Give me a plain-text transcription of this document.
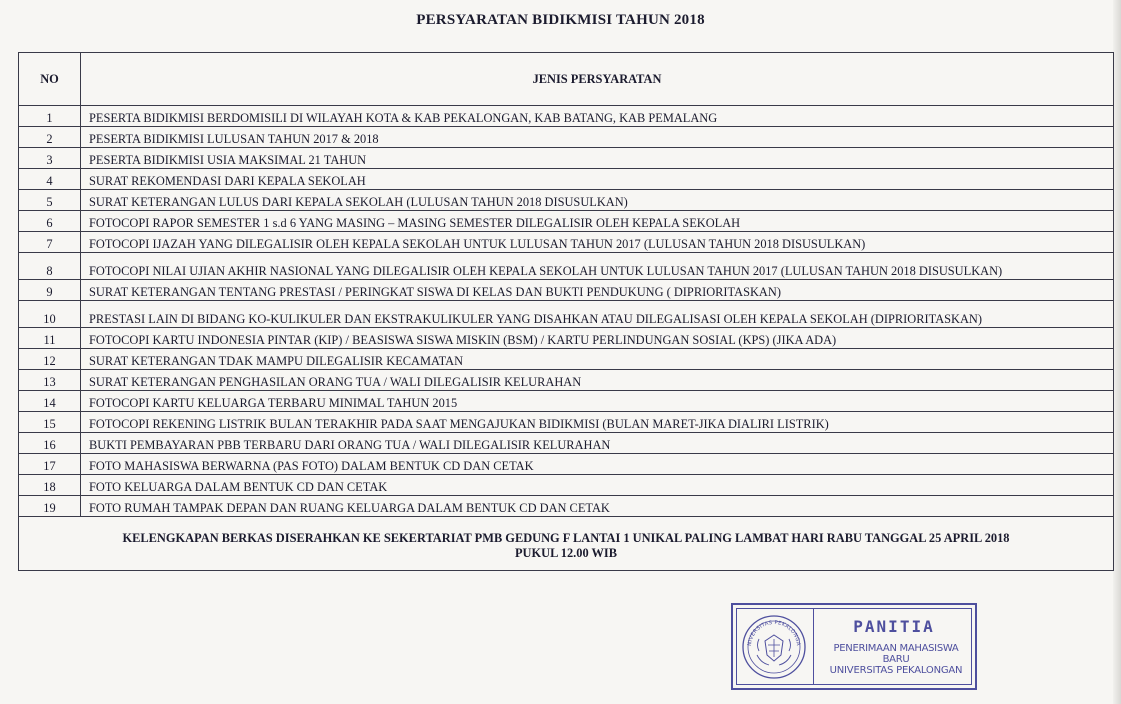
PERSYARATAN BIDIKMISI TAHUN 2018
NO	JENIS PERSYARATAN
1	PESERTA BIDIKMISI BERDOMISILI DI WILAYAH KOTA & KAB PEKALONGAN, KAB BATANG, KAB PEMALANG
2	PESERTA BIDIKMISI LULUSAN TAHUN 2017 & 2018
3	PESERTA BIDIKMISI USIA MAKSIMAL 21 TAHUN
4	SURAT REKOMENDASI DARI KEPALA SEKOLAH
5	SURAT KETERANGAN LULUS DARI KEPALA SEKOLAH (LULUSAN TAHUN 2018 DISUSULKAN)
6	FOTOCOPI RAPOR SEMESTER 1 s.d 6 YANG MASING – MASING SEMESTER DILEGALISIR OLEH KEPALA SEKOLAH
7	FOTOCOPI IJAZAH YANG DILEGALISIR OLEH KEPALA SEKOLAH UNTUK LULUSAN TAHUN 2017 (LULUSAN TAHUN 2018 DISUSULKAN)
8	FOTOCOPI NILAI UJIAN AKHIR NASIONAL YANG DILEGALISIR OLEH KEPALA SEKOLAH UNTUK LULUSAN TAHUN 2017 (LULUSAN TAHUN 2018 DISUSULKAN)
9	SURAT KETERANGAN TENTANG PRESTASI / PERINGKAT SISWA DI KELAS DAN BUKTI PENDUKUNG ( DIPRIORITASKAN)
10	PRESTASI LAIN DI BIDANG KO-KULIKULER DAN EKSTRAKULIKULER YANG DISAHKAN ATAU DILEGALISASI OLEH KEPALA SEKOLAH (DIPRIORITASKAN)
11	FOTOCOPI KARTU INDONESIA PINTAR (KIP) / BEASISWA SISWA MISKIN (BSM) / KARTU PERLINDUNGAN SOSIAL (KPS) (JIKA ADA)
12	SURAT KETERANGAN TDAK MAMPU DILEGALISIR KECAMATAN
13	SURAT KETERANGAN PENGHASILAN ORANG TUA / WALI DILEGALISIR KELURAHAN
14	FOTOCOPI KARTU KELUARGA TERBARU MINIMAL TAHUN 2015
15	FOTOCOPI REKENING LISTRIK BULAN TERAKHIR PADA SAAT MENGAJUKAN BIDIKMISI (BULAN MARET-JIKA DIALIRI LISTRIK)
16	BUKTI PEMBAYARAN PBB TERBARU DARI ORANG TUA / WALI DILEGALISIR KELURAHAN
17	FOTO MAHASISWA BERWARNA (PAS FOTO) DALAM BENTUK CD DAN CETAK
18	FOTO KELUARGA DALAM BENTUK CD DAN CETAK
19	FOTO RUMAH TAMPAK DEPAN DAN RUANG KELUARGA DALAM BENTUK CD DAN CETAK

KELENGKAPAN BERKAS DISERAHKAN KE SEKERTARIAT PMB GEDUNG F LANTAI 1 UNIKAL PALING LAMBAT HARI RABU TANGGAL 25 APRIL 2018
PUKUL 12.00 WIB	
NIVERSITAS PEKALONGA
PANITIA
PENERIMAAN MAHASISWA BARU
UNIVERSITAS PEKALONGAN
